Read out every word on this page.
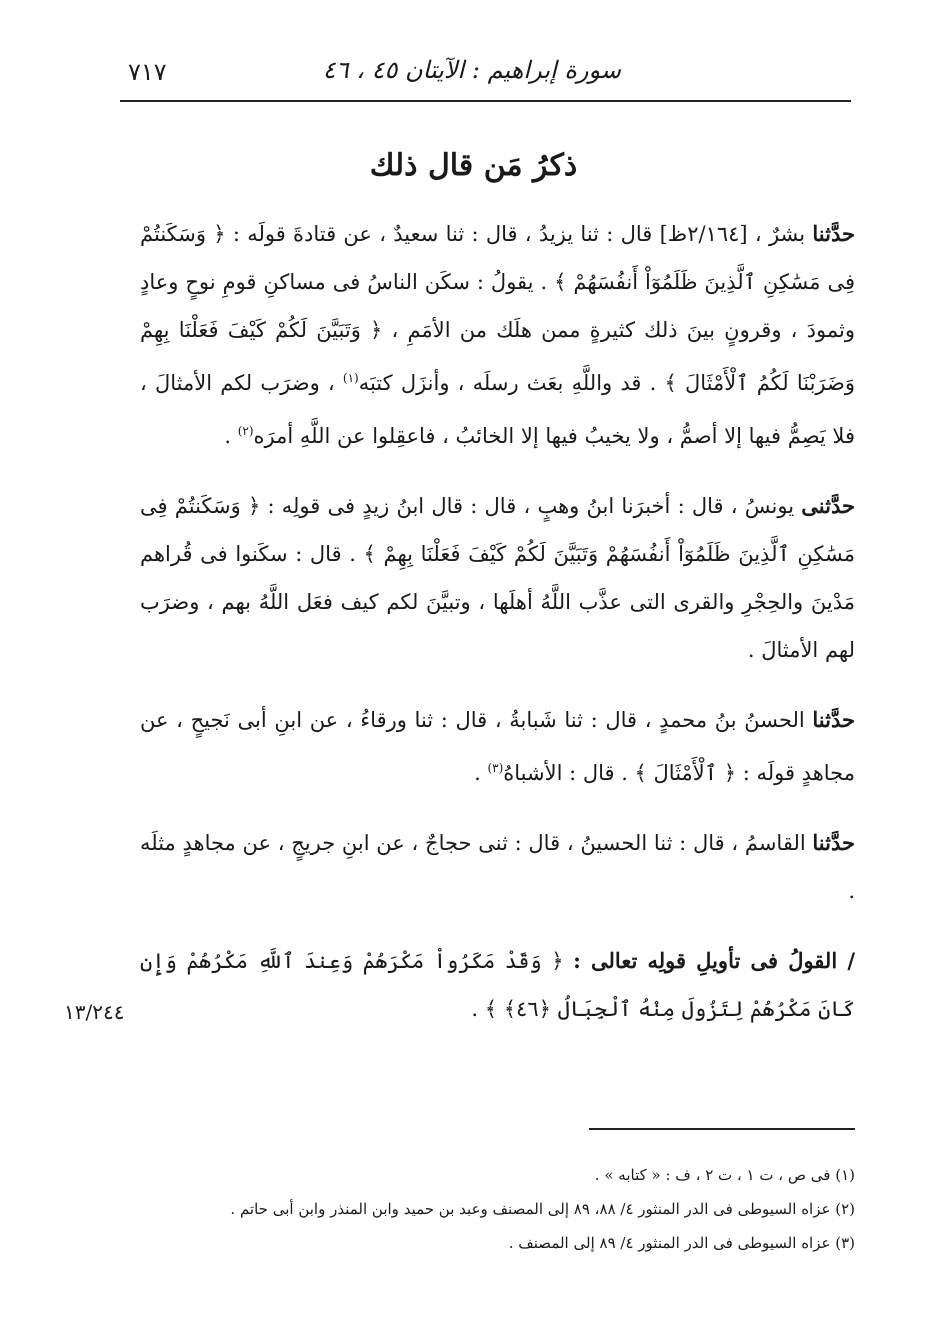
٧١٧	سورة إبراهيم : الآيتان ٤٥ ، ٤٦
ذكرُ مَن قال ذلك
حدَّثنا بشرٌ ، [٢/١٦٤ظ] قال : ثنا يزيدُ ، قال : ثنا سعيدٌ ، عن قتادةَ قولَه : ﴿ وَسَكَنتُمْ فِى مَسَٰكِنِ ٱلَّذِينَ ظَلَمُوٓاْ أَنفُسَهُمْ ﴾ . يقولُ : سكَن الناسُ فى مساكنِ قومِ نوحٍ وعادٍ وثمودَ ، وقرونٍ بينَ ذلك كثيرةٍ ممن هلَك من الأمَمِ ، ﴿ وَتَبَيَّنَ لَكُمْ كَيْفَ فَعَلْنَا بِهِمْ وَضَرَبْنَا لَكُمُ ٱلْأَمْثَالَ ﴾ . قد واللَّهِ بعَث رسلَه ، وأنزَل كتبَه$^{(١)}$ ، وضرَب لكم الأمثالَ ، فلا يَصِمُّ فيها إلا أصمُّ ، ولا يخيبُ فيها إلا الخائبُ ، فاعقِلوا عن اللَّهِ أمرَه$^{(٢)}$ .
حدَّثنى يونسُ ، قال : أخبرَنا ابنُ وهبٍ ، قال : قال ابنُ زيدٍ فى قولِه : ﴿ وَسَكَنتُمْ فِى مَسَٰكِنِ ٱلَّذِينَ ظَلَمُوٓاْ أَنفُسَهُمْ وَتَبَيَّنَ لَكُمْ كَيْفَ فَعَلْنَا بِهِمْ ﴾ . قال : سكَنوا فى قُراهم مَدْينَ والحِجْرِ والقرى التى عذَّب اللَّهُ أهلَها ، وتبيَّنَ لكم كيف فعَل اللَّهُ بهم ، وضرَب لهم الأمثالَ .
حدَّثنا الحسنُ بنُ محمدٍ ، قال : ثنا شَبابةُ ، قال : ثنا ورقاءُ ، عن ابنِ أبى نَجيحٍ ، عن مجاهدٍ قولَه : ﴿ ٱلْأَمْثَالَ ﴾ . قال : الأشباهُ$^{(٣)}$ .
حدَّثنا القاسمُ ، قال : ثنا الحسينُ ، قال : ثنى حجاجٌ ، عن ابنِ جريجٍ ، عن مجاهدٍ مثلَه .
/ القولُ فى تأويلِ قولِه تعالى : ﴿ وَقَدْ مَكَرُواْ مَكْرَهُمْ وَعِندَ ٱللَّهِ مَكْرُهُمْ وَإِن كَانَ مَكْرُهُمْ لِتَزُولَ مِنْهُ ٱلْجِبَالُ ﴿٤٦﴾ ﴾ .
١٣/٢٤٤
(١) فى ص ، ت ١ ، ت ٢ ، ف : « كتابه » .
(٢) عزاه السيوطى فى الدر المنثور ٤/ ٨٨، ٨٩ إلى المصنف وعبد بن حميد وابن المنذر وابن أبى حاتم .
(٣) عزاه السيوطى فى الدر المنثور ٤/ ٨٩ إلى المصنف .
